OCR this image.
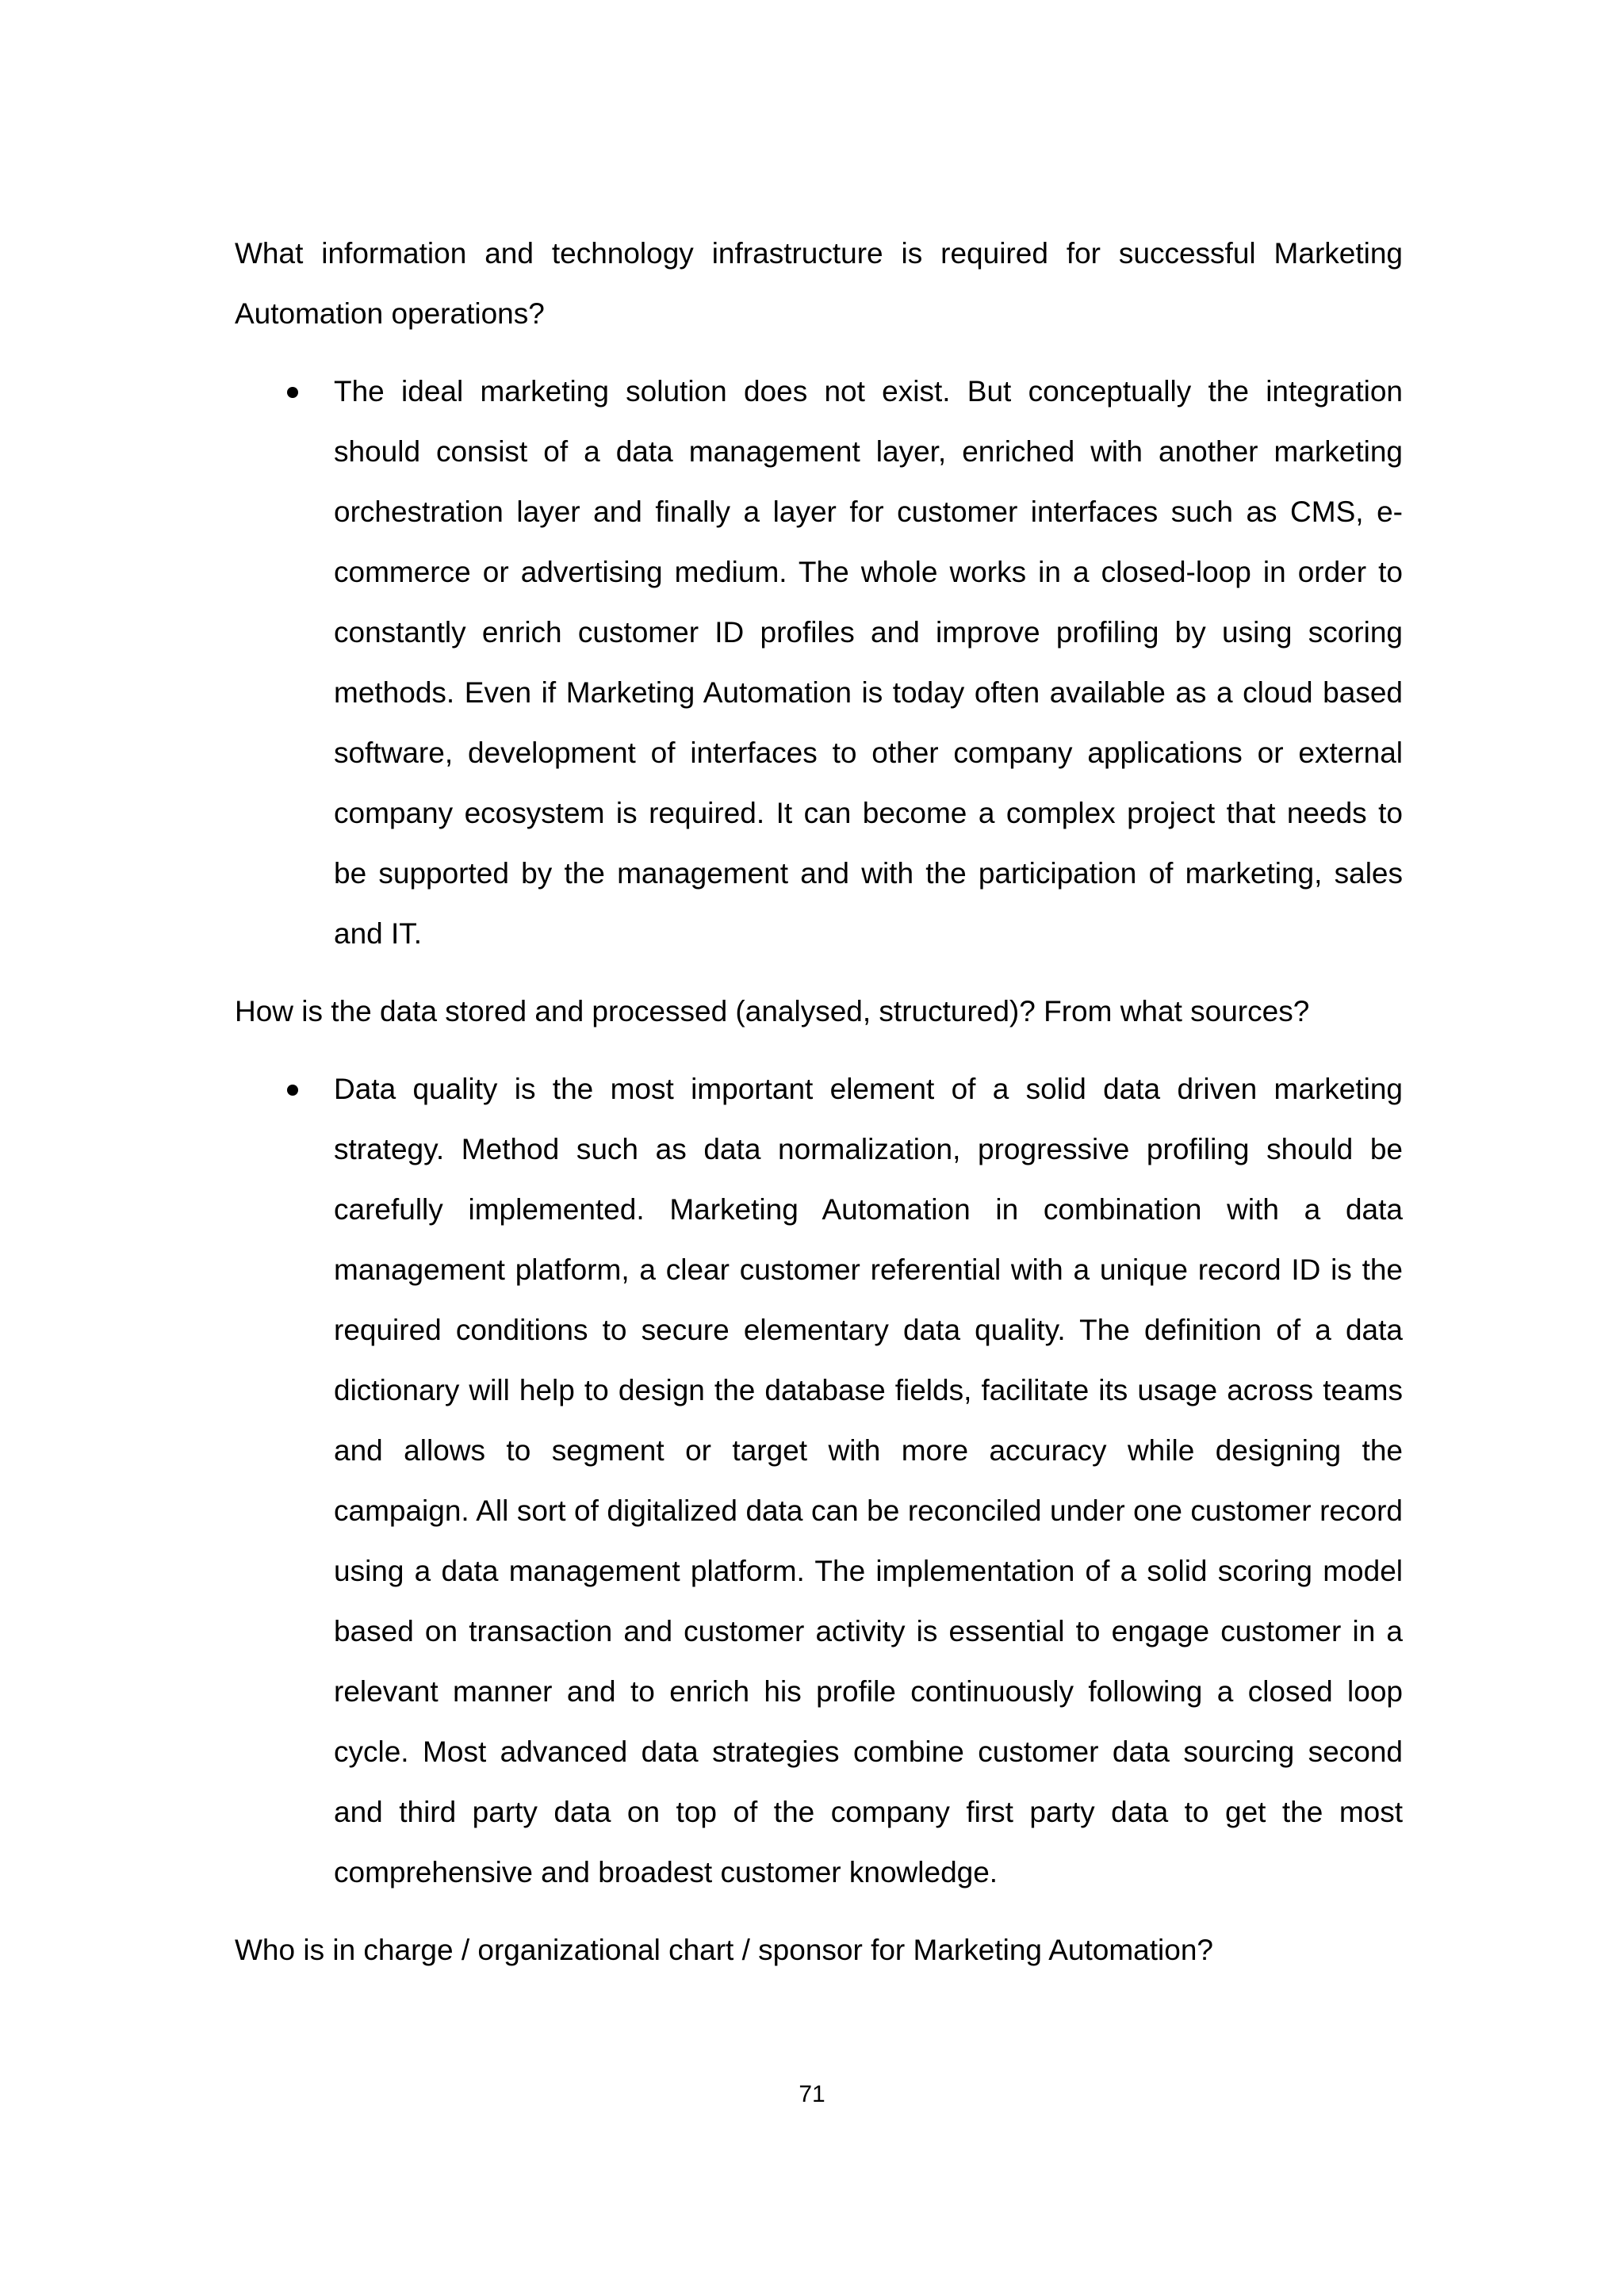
What information and technology infrastructure is required for successful Marketing Automation operations?

The ideal marketing solution does not exist. But conceptually the integration should consist of a data management layer, enriched with another marketing orchestration layer and finally a layer for customer interfaces such as CMS, e-commerce or advertising medium. The whole works in a closed-loop in order to constantly enrich customer ID profiles and improve profiling by using scoring methods. Even if Marketing Automation is today often available as a cloud based software, development of interfaces to other company applications or external company ecosystem is required. It can become a complex project that needs to be supported by the management and with the participation of marketing, sales and IT.

How is the data stored and processed (analysed, structured)? From what sources?

Data quality is the most important element of a solid data driven marketing strategy. Method such as data normalization, progressive profiling should be carefully implemented. Marketing Automation in combination with a data management platform, a clear customer referential with a unique record ID is the required conditions to secure elementary data quality. The definition of a data dictionary will help to design the database fields, facilitate its usage across teams and allows to segment or target with more accuracy while designing the campaign. All sort of digitalized data can be reconciled under one customer record using a data management platform. The implementation of a solid scoring model based on transaction and customer activity is essential to engage customer in a relevant manner and to enrich his profile continuously following a closed loop cycle. Most advanced data strategies combine customer data sourcing second and third party data on top of the company first party data to get the most comprehensive and broadest customer knowledge.

Who is in charge / organizational chart / sponsor for Marketing Automation?

71
